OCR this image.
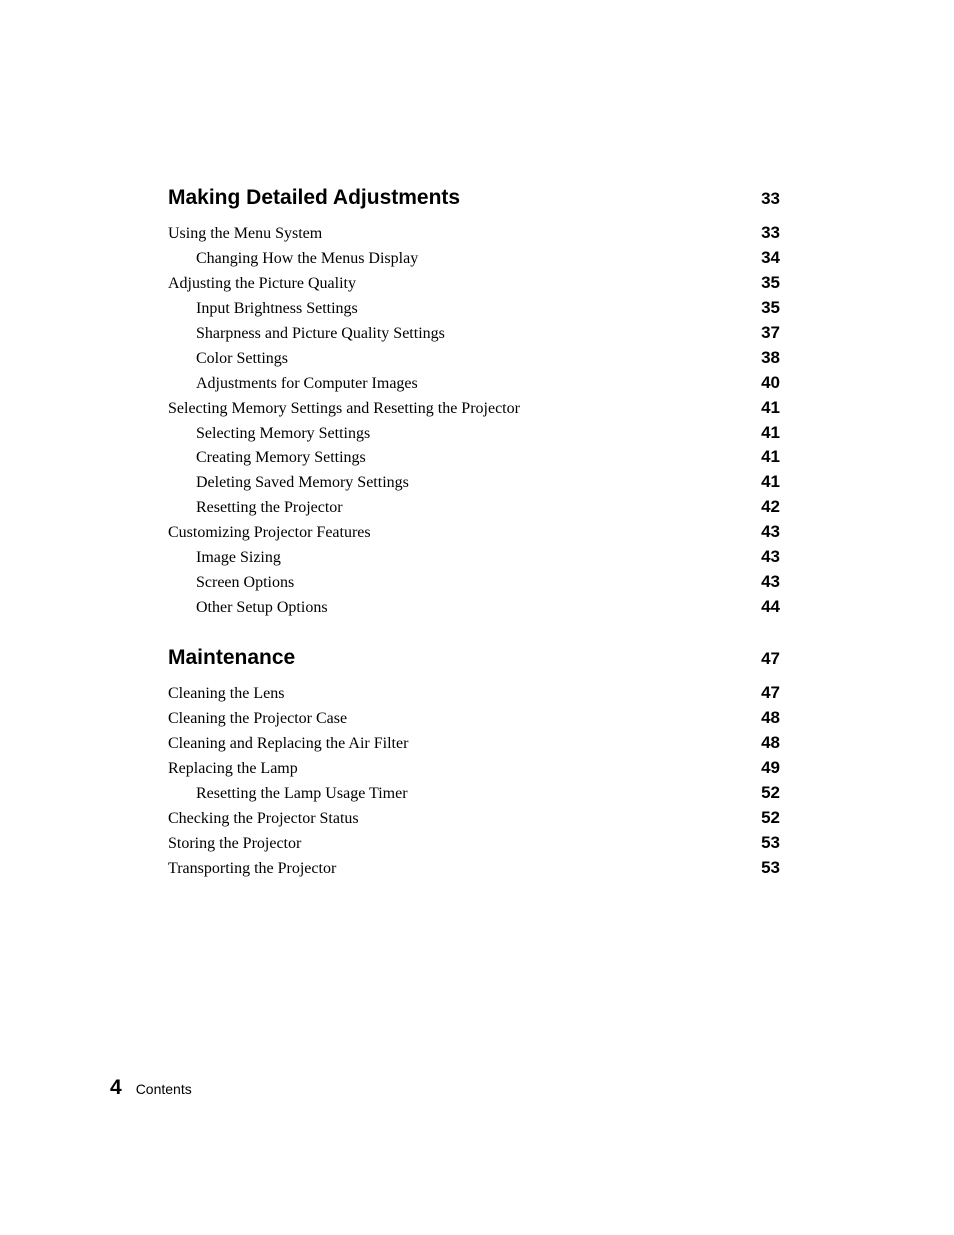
Making Detailed Adjustments	33
Using the Menu System	33
Changing How the Menus Display	34
Adjusting the Picture Quality	35
Input Brightness Settings	35
Sharpness and Picture Quality Settings	37
Color Settings	38
Adjustments for Computer Images	40
Selecting Memory Settings and Resetting the Projector	41
Selecting Memory Settings	41
Creating Memory Settings	41
Deleting Saved Memory Settings	41
Resetting the Projector	42
Customizing Projector Features	43
Image Sizing	43
Screen Options	43
Other Setup Options	44
Maintenance	47
Cleaning the Lens	47
Cleaning the Projector Case	48
Cleaning and Replacing the Air Filter	48
Replacing the Lamp	49
Resetting the Lamp Usage Timer	52
Checking the Projector Status	52
Storing the Projector	53
Transporting the Projector	53
4 Contents
